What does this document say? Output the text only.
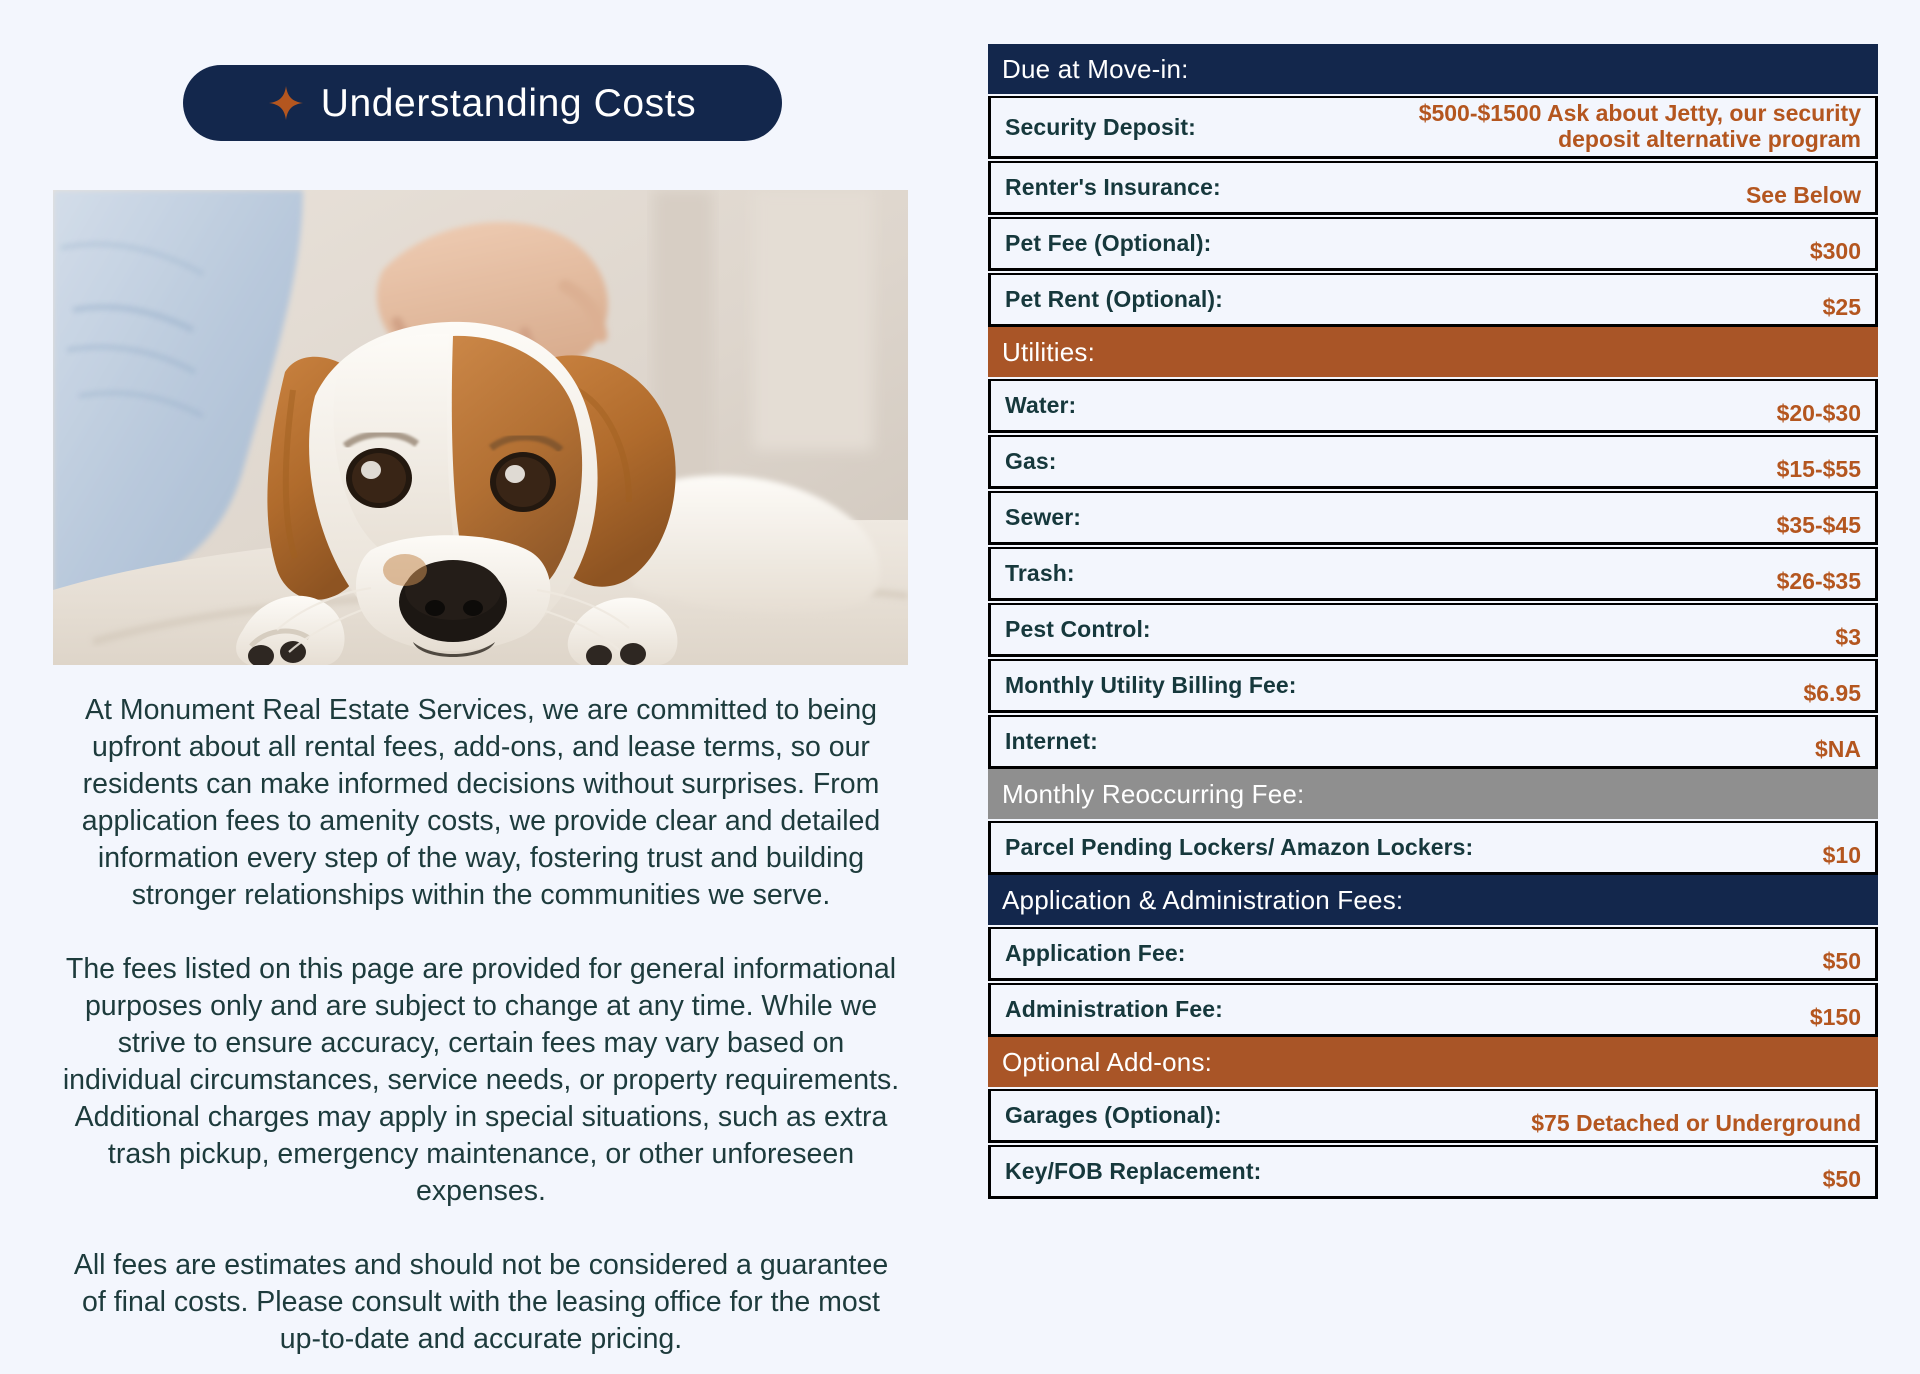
Understanding Costs

At Monument Real Estate Services, we are committed to being upfront about all rental fees, add-ons, and lease terms, so our residents can make informed decisions without surprises. From application fees to amenity costs, we provide clear and detailed information every step of the way, fostering trust and building stronger relationships within the communities we serve.

The fees listed on this page are provided for general informational purposes only and are subject to change at any time. While we strive to ensure accuracy, certain fees may vary based on individual circumstances, service needs, or property requirements. Additional charges may apply in special situations, such as extra trash pickup, emergency maintenance, or other unforeseen expenses.

All fees are estimates and should not be considered a guarantee of final costs. Please consult with the leasing office for the most up-to-date and accurate pricing.

Due at Move-in:
Security Deposit:
$500-$1500 Ask about Jetty, our security deposit alternative program
Renter's Insurance:	See Below
Pet Fee (Optional):	$300
Pet Rent (Optional):	$25
Utilities:
Water:	$20-$30
Gas:	$15-$55
Sewer:	$35-$45
Trash:	$26-$35
Pest Control:	$3
Monthly Utility Billing Fee:	$6.95
Internet:	$NA
Monthly Reoccurring Fee:
Parcel Pending Lockers/ Amazon Lockers:	$10
Application & Administration Fees:
Application Fee:	$50
Administration Fee:	$150
Optional Add-ons:
Garages (Optional):	$75 Detached or Underground
Key/FOB Replacement:	$50
